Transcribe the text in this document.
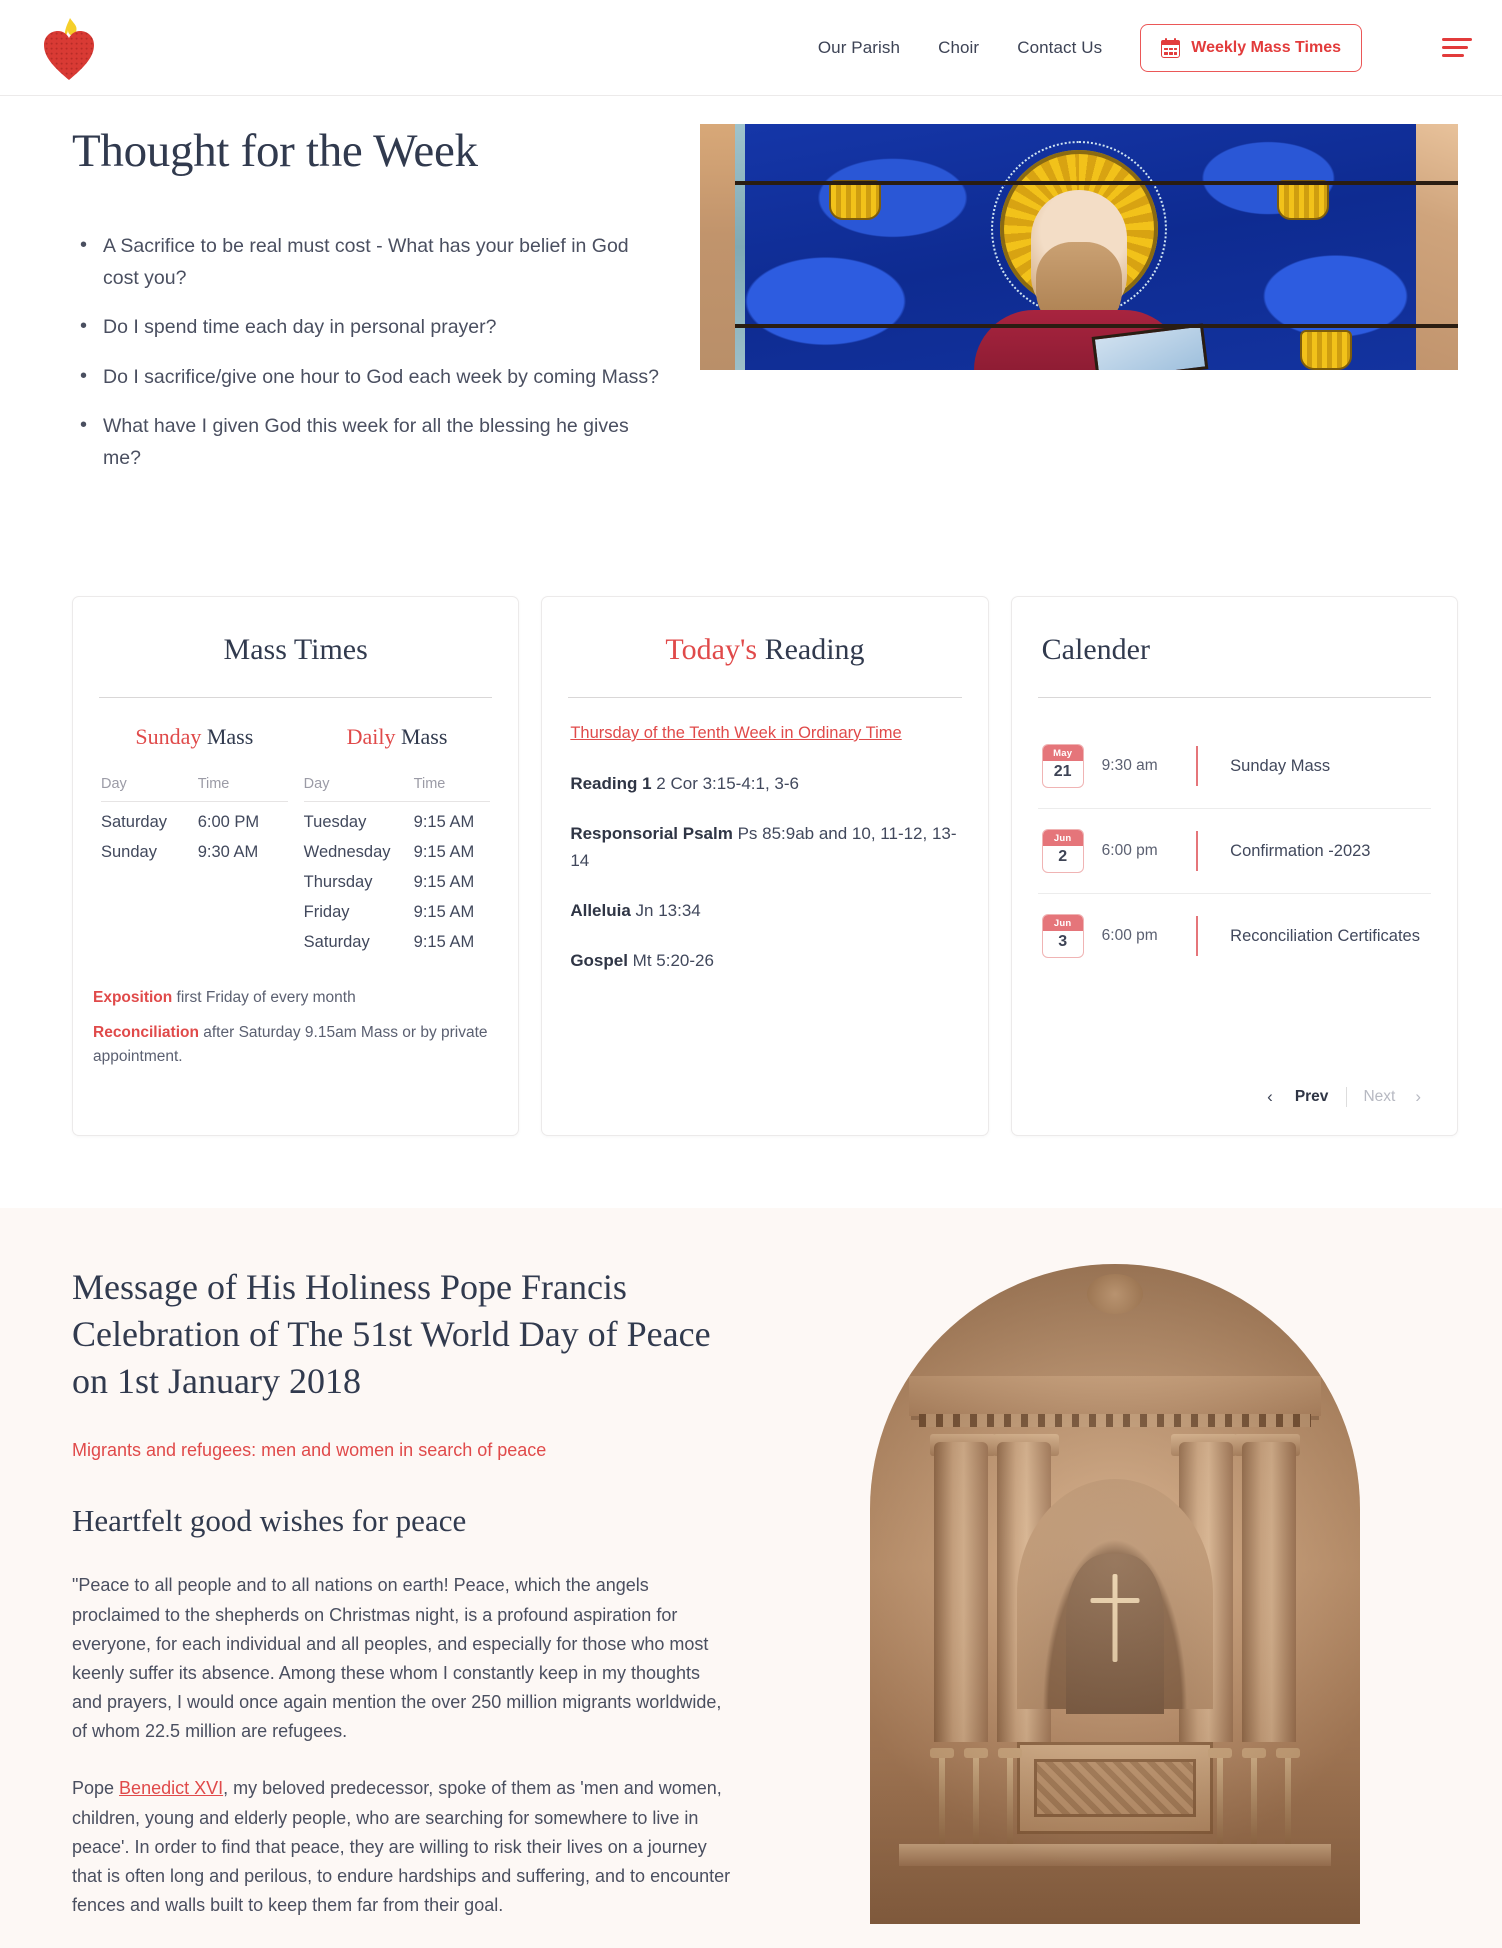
Our Parish Choir Contact Us	Weekly Mass Times
Thought for the Week
• A Sacrifice to be real must cost - What has your belief in God cost you?
• Do I spend time each day in personal prayer?
• Do I sacrifice/give one hour to God each week by coming Mass?
• What have I given God this week for all the blessing he gives me?
Mass Times
Sunday Mass
Day	Time
Saturday	6:00 PM
Sunday	9:30 AM
Daily Mass
Day	Time
Tuesday	9:15 AM
Wednesday	9:15 AM
Thursday	9:15 AM
Friday	9:15 AM
Saturday	9:15 AM

Exposition first Friday of every month

Reconciliation after Saturday 9.15am Mass or by private appointment.

Today's Reading
Thursday of the Tenth Week in Ordinary Time

Reading 1 2 Cor 3:15-4:1, 3-6

Responsorial Psalm Ps 85:9ab and 10, 11-12, 13-14

Alleluia Jn 13:34

Gospel Mt 5:20-26

Calender
May
21	9:30 am	Sunday Mass
Jun
2	6:00 pm	Confirmation -2023
Jun
3	6:00 pm	Reconciliation Certificates
‹	Prev	Next	›
Message of His Holiness Pope Francis Celebration of The 51st World Day of Peace on 1st January 2018
Migrants and refugees: men and women in search of peace
Heartfelt good wishes for peace

"Peace to all people and to all nations on earth! Peace, which the angels proclaimed to the shepherds on Christmas night, is a profound aspiration for everyone, for each individual and all peoples, and especially for those who most keenly suffer its absence. Among these whom I constantly keep in my thoughts and prayers, I would once again mention the over 250 million migrants worldwide, of whom 22.5 million are refugees.

Pope Benedict XVI, my beloved predecessor, spoke of them as 'men and women, children, young and elderly people, who are searching for somewhere to live in peace'. In order to find that peace, they are willing to risk their lives on a journey that is often long and perilous, to endure hardships and suffering, and to encounter fences and walls built to keep them far from their goal.
